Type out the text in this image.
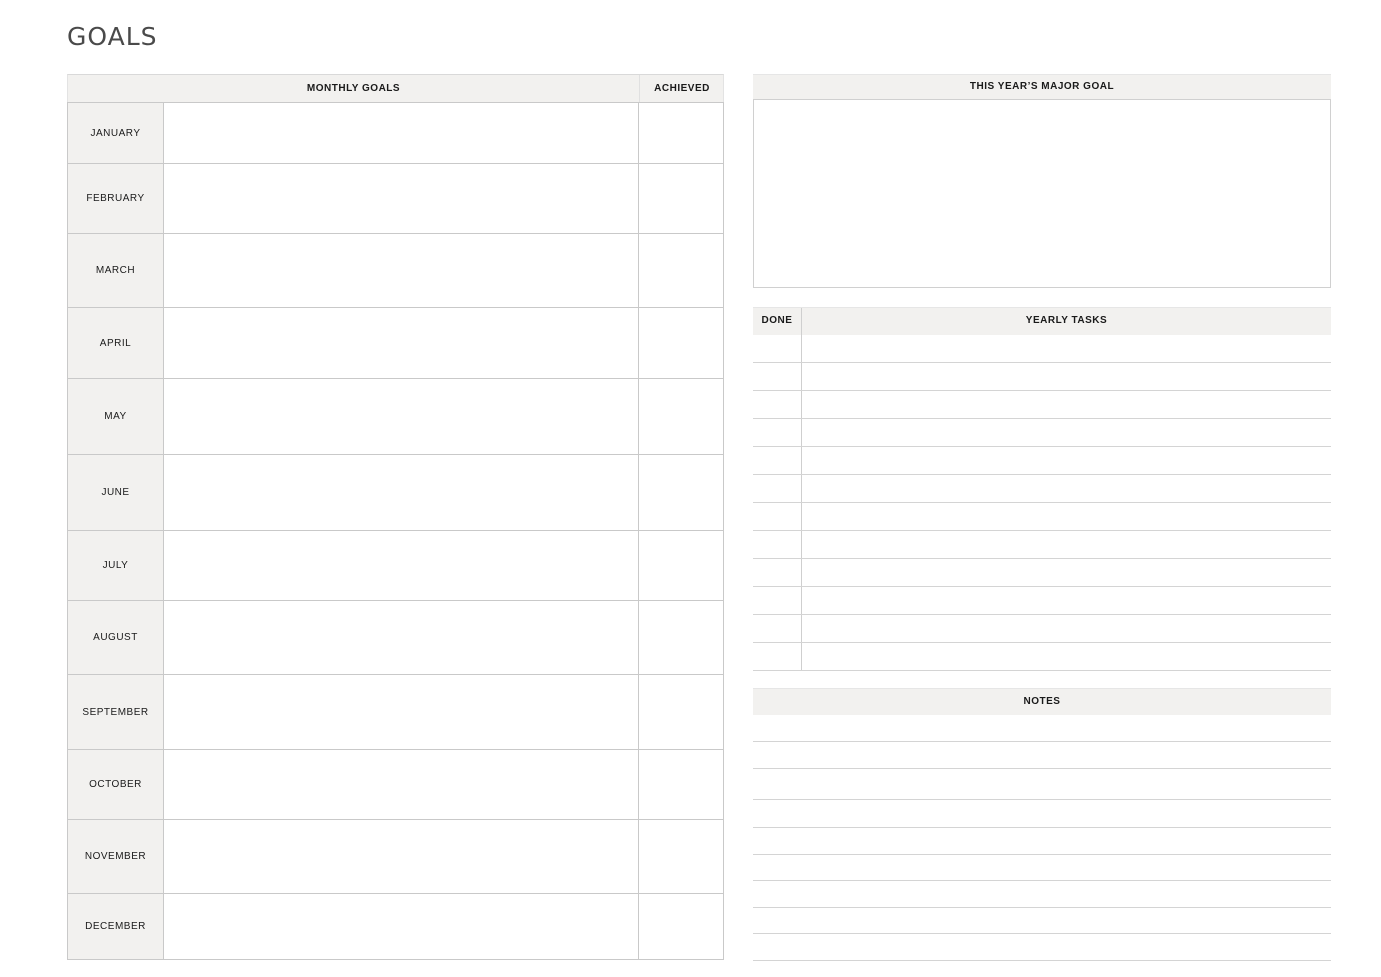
GOALS
MONTHLY GOALS	ACHIEVED
JANUARY
FEBRUARY
MARCH
APRIL
MAY
JUNE
JULY
AUGUST
SEPTEMBER
OCTOBER
NOVEMBER
DECEMBER
THIS YEAR’S MAJOR GOAL
DONE	YEARLY TASKS
NOTES
